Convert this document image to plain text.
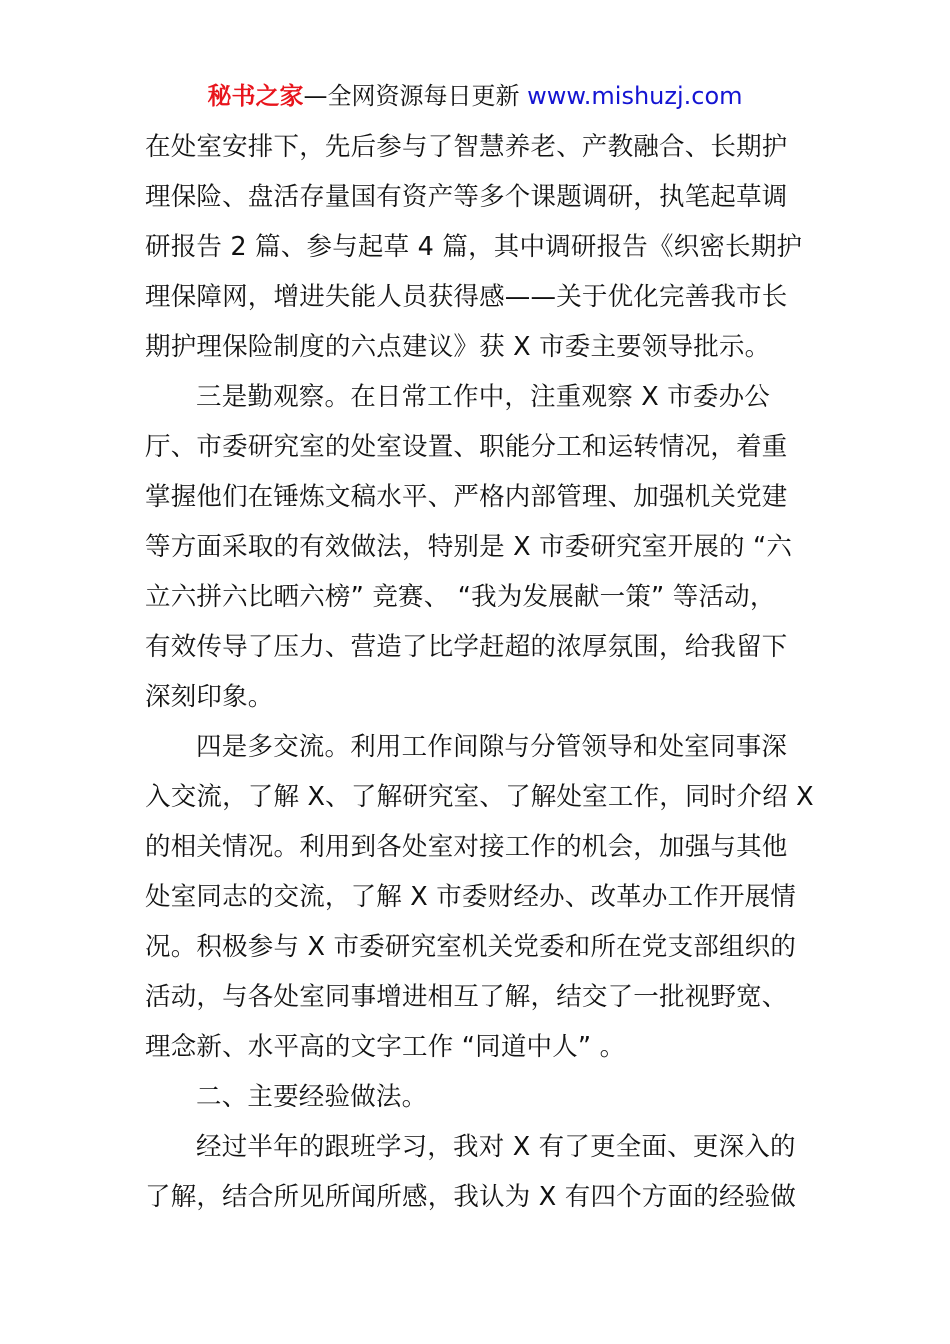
秘书之家—全网资源每日更新 www.mishuzj.com
在处室安排下，先后参与了智慧养老、产教融合、长期护
理保险、盘活存量国有资产等多个课题调研，执笔起草调
研报告 2 篇、参与起草 4 篇，其中调研报告《织密长期护
理保障网，增进失能人员获得感——关于优化完善我市长
期护理保险制度的六点建议》获 X 市委主要领导批示。
三是勤观察。在日常工作中，注重观察 X 市委办公
厅、市委研究室的处室设置、职能分工和运转情况，着重
掌握他们在锤炼文稿水平、严格内部管理、加强机关党建
等方面采取的有效做法，特别是 X 市委研究室开展的 “六
立六拼六比晒六榜” 竞赛、 “我为发展献一策” 等活动，
有效传导了压力、营造了比学赶超的浓厚氛围，给我留下
深刻印象。
四是多交流。利用工作间隙与分管领导和处室同事深
入交流，了解 X、了解研究室、了解处室工作，同时介绍 X
的相关情况。利用到各处室对接工作的机会，加强与其他
处室同志的交流，了解 X 市委财经办、改革办工作开展情
况。积极参与 X 市委研究室机关党委和所在党支部组织的
活动，与各处室同事增进相互了解，结交了一批视野宽、
理念新、水平高的文字工作 “同道中人” 。
二、主要经验做法。
经过半年的跟班学习，我对 X 有了更全面、更深入的
了解，结合所见所闻所感，我认为 X 有四个方面的经验做
